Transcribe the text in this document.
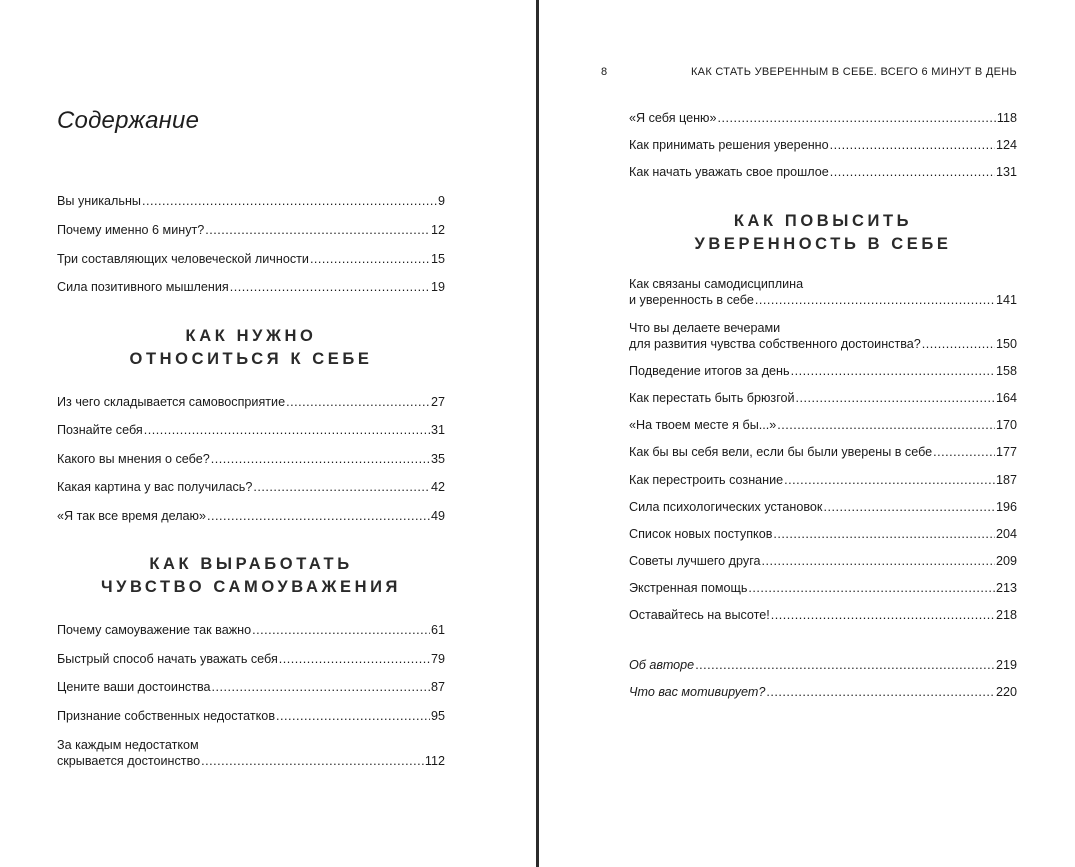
Содержание
Вы уникальны .....	9
Почему именно 6 минут? .....	12
Три составляющих человеческой личности .....	15
Сила позитивного мышления .....	19
КАК НУЖНО
ОТНОСИТЬСЯ К СЕБЕ
Из чего складывается самовосприятие .....	27
Познайте себя .....	31
Какого вы мнения о себе? .....	35
Какая картина у вас получилась? .....	42
«Я так все время делаю» .....	49
КАК ВЫРАБОТАТЬ
ЧУВСТВО САМОУВАЖЕНИЯ
Почему самоуважение так важно .....	61
Быстрый способ начать уважать себя .....	79
Цените ваши достоинства .....	87
Признание собственных недостатков .....	95
За каждым недостатком
скрывается достоинство .....	112
8	КАК СТАТЬ УВЕРЕННЫМ В СЕБЕ. ВСЕГО 6 МИНУТ В ДЕНЬ
«Я себя ценю» .....	118
Как принимать решения уверенно .....	124
Как начать уважать свое прошлое .....	131
КАК ПОВЫСИТЬ
УВЕРЕННОСТЬ В СЕБЕ
Как связаны самодисциплина
и уверенность в себе .....	141
Что вы делаете вечерами
для развития чувства собственного достоинства? .....	150
Подведение итогов за день .....	158
Как перестать быть брюзгой .....	164
«На твоем месте я бы...» .....	170
Как бы вы себя вели, если бы были уверены в себе .....	177
Как перестроить сознание .....	187
Сила психологических установок .....	196
Список новых поступков .....	204
Советы лучшего друга .....	209
Экстренная помощь .....	213
Оставайтесь на высоте! .....	218
Об авторе .....	219
Что вас мотивирует? .....	220
